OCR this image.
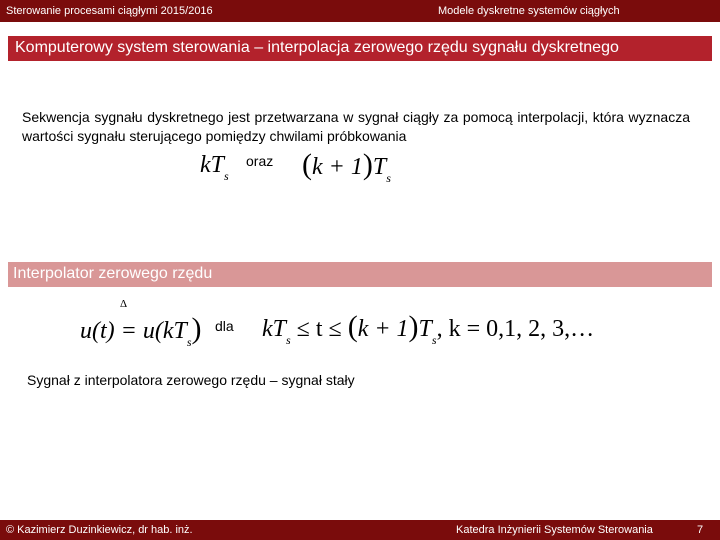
Sterowanie procesami ciągłymi 2015/2016	Modele dyskretne systemów ciągłych
Komputerowy system sterowania – interpolacja zerowego rzędu sygnału dyskretnego
Sekwencja sygnału dyskretnego jest przetwarzana w sygnał ciągły za pomocą interpolacji, która wyznacza wartości sygnału sterującego pomiędzy chwilami próbkowania
$kT_s$
oraz $(k + 1)T_s$
Interpolator zerowego rzędu
Δ
$u(t) = u(kT_s)$ dla $kT_s \le t \le (k + 1)T_s$, k = 0,1, 2, 3,…
Sygnał z interpolatora zerowego rzędu – sygnał stały
© Kazimierz Duzinkiewicz, dr hab. inż.	Katedra Inżynierii Systemów Sterowania	7
